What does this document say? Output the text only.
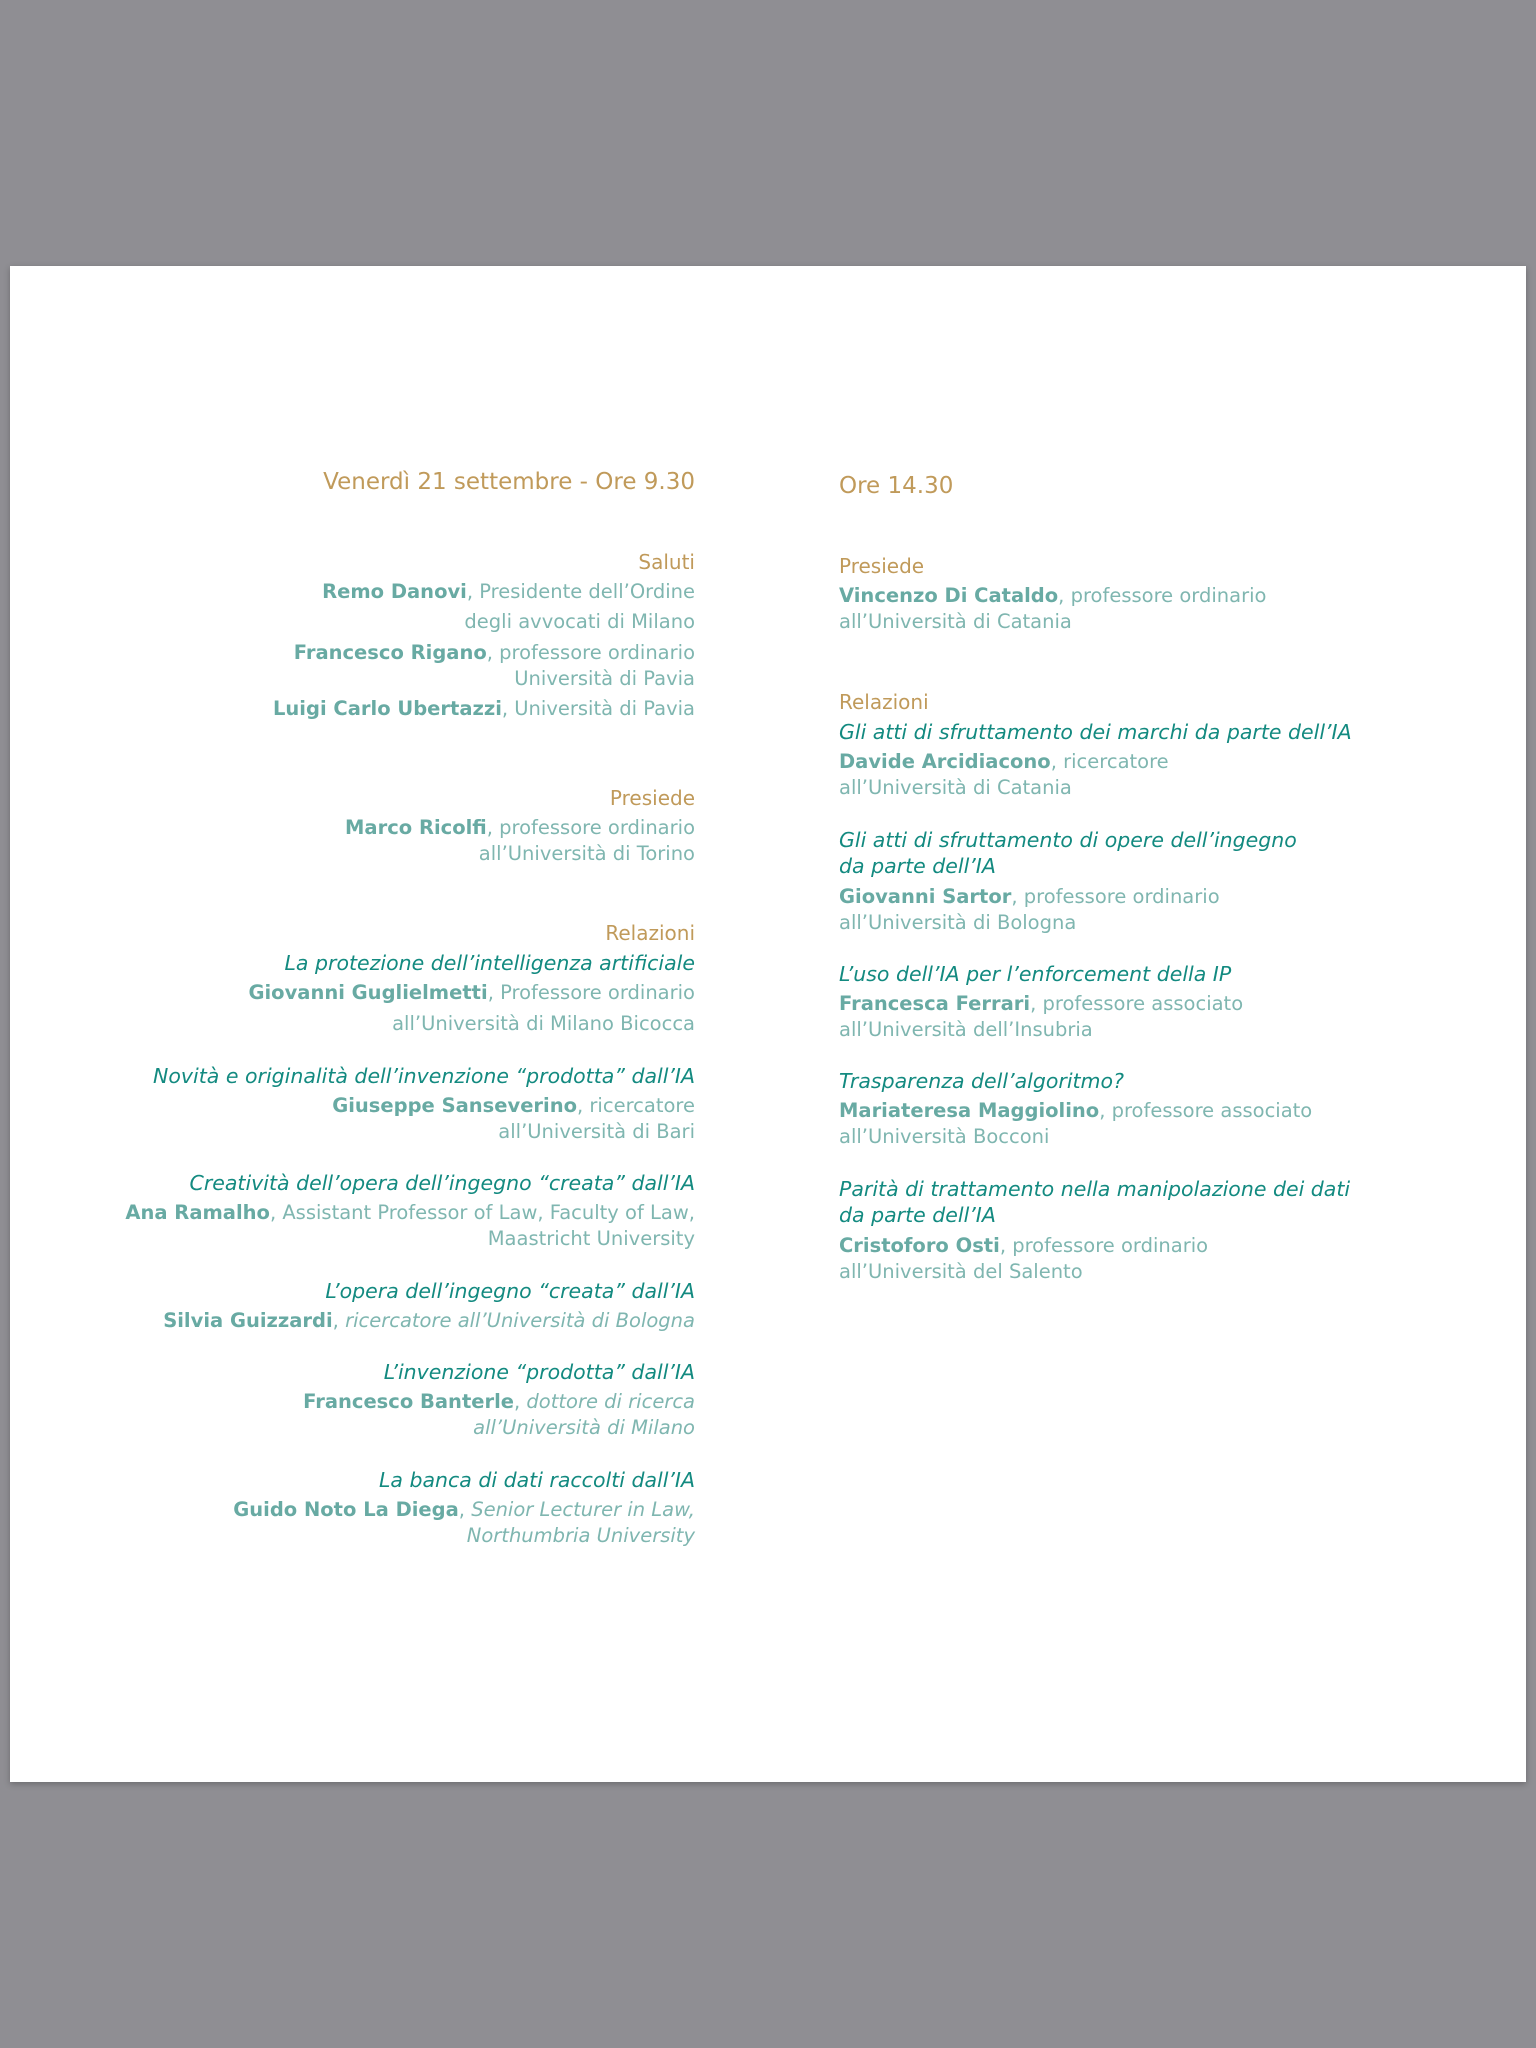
Venerdì 21 settembre - Ore 9.30
Saluti
Remo Danovi, Presidente dell’Ordine
degli avvocati di Milano
Francesco Rigano, professore ordinario
Università di Pavia
Luigi Carlo Ubertazzi, Università di Pavia
Presiede
Marco Ricolfi, professore ordinario
all’Università di Torino
Relazioni
La protezione dell’intelligenza artificiale
Giovanni Guglielmetti, Professore ordinario
all’Università di Milano Bicocca
Novità e originalità dell’invenzione “prodotta” dall’IA
Giuseppe Sanseverino, ricercatore
all’Università di Bari
Creatività dell’opera dell’ingegno “creata” dall’IA
Ana Ramalho, Assistant Professor of Law, Faculty of Law,
Maastricht University
L’opera dell’ingegno “creata” dall’IA
Silvia Guizzardi, ricercatore all’Università di Bologna
L’invenzione “prodotta” dall’IA
Francesco Banterle, dottore di ricerca
all’Università di Milano
La banca di dati raccolti dall’IA
Guido Noto La Diega, Senior Lecturer in Law,
Northumbria University
Ore 14.30
Presiede
Vincenzo Di Cataldo, professore ordinario
all’Università di Catania
Relazioni
Gli atti di sfruttamento dei marchi da parte dell’IA
Davide Arcidiacono, ricercatore
all’Università di Catania
Gli atti di sfruttamento di opere dell’ingegno
da parte dell’IA
Giovanni Sartor, professore ordinario
all’Università di Bologna
L’uso dell’IA per l’enforcement della IP
Francesca Ferrari, professore associato
all’Università dell’Insubria
Trasparenza dell’algoritmo?
Mariateresa Maggiolino, professore associato
all’Università Bocconi
Parità di trattamento nella manipolazione dei dati
da parte dell’IA
Cristoforo Osti, professore ordinario
all’Università del Salento
